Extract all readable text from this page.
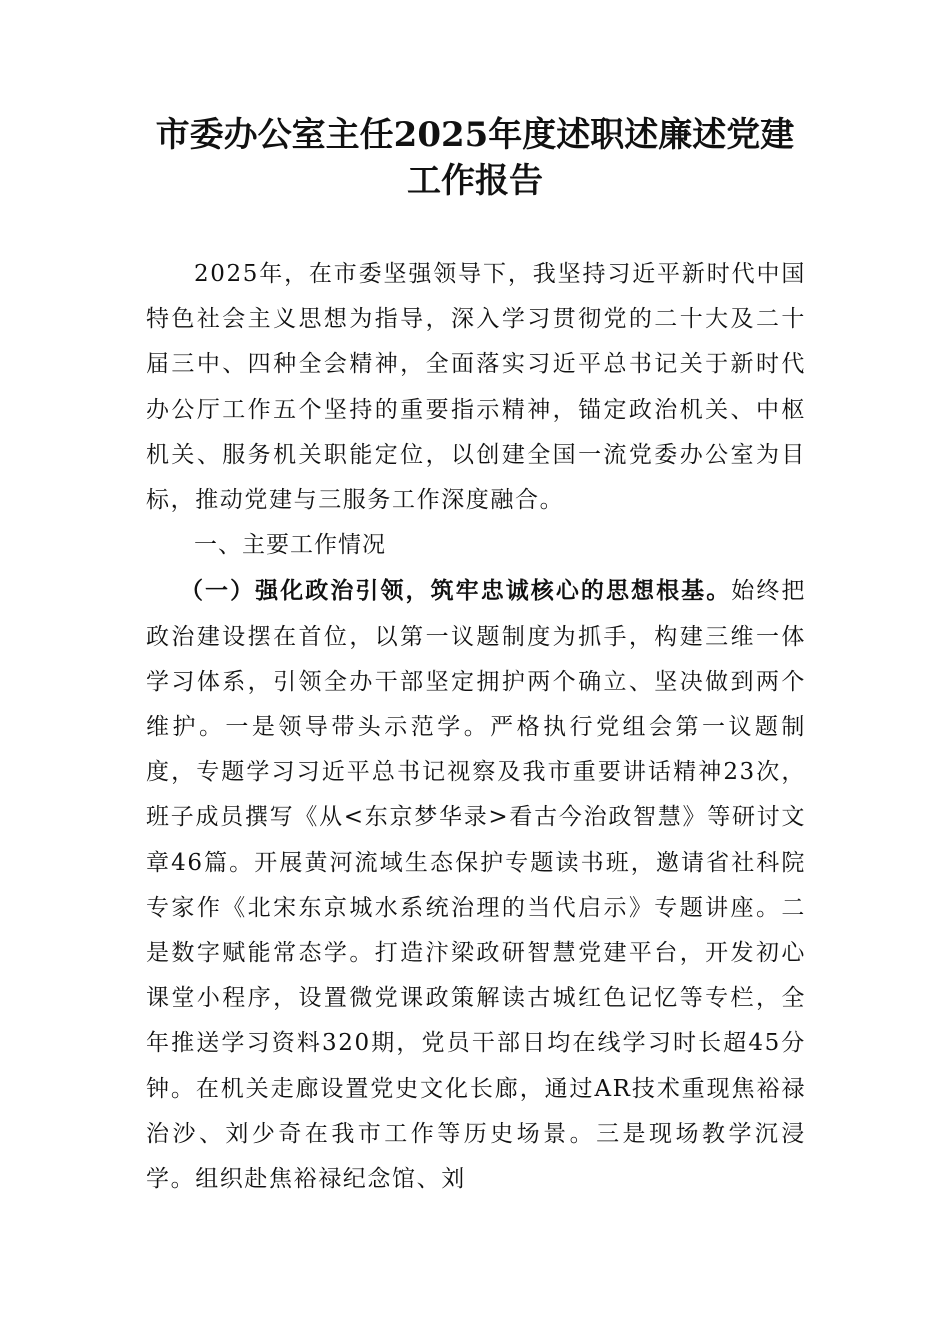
市委办公室主任2025年度述职述廉述党建
工作报告

2025年，在市委坚强领导下，我坚持习近平新时代中国特色社会主义思想为指导，深入学习贯彻党的二十大及二十届三中、四种全会精神，全面落实习近平总书记关于新时代办公厅工作五个坚持的重要指示精神，锚定政治机关、中枢机关、服务机关职能定位，以创建全国一流党委办公室为目标，推动党建与三服务工作深度融合。

一、主要工作情况

（一）强化政治引领，筑牢忠诚核心的思想根基。始终把政治建设摆在首位，以第一议题制度为抓手，构建三维一体学习体系，引领全办干部坚定拥护两个确立、坚决做到两个维护。一是领导带头示范学。严格执行党组会第一议题制度，专题学习习近平总书记视察及我市重要讲话精神23次，班子成员撰写《从<东京梦华录>看古今治政智慧》等研讨文章46篇。开展黄河流域生态保护专题读书班，邀请省社科院专家作《北宋东京城水系统治理的当代启示》专题讲座。二是数字赋能常态学。打造汴梁政研智慧党建平台，开发初心课堂小程序，设置微党课政策解读古城红色记忆等专栏，全年推送学习资料320期，党员干部日均在线学习时长超45分钟。在机关走廊设置党史文化长廊，通过AR技术重现焦裕禄治沙、刘少奇在我市工作等历史场景。三是现场教学沉浸学。组织赴焦裕禄纪念馆、刘
